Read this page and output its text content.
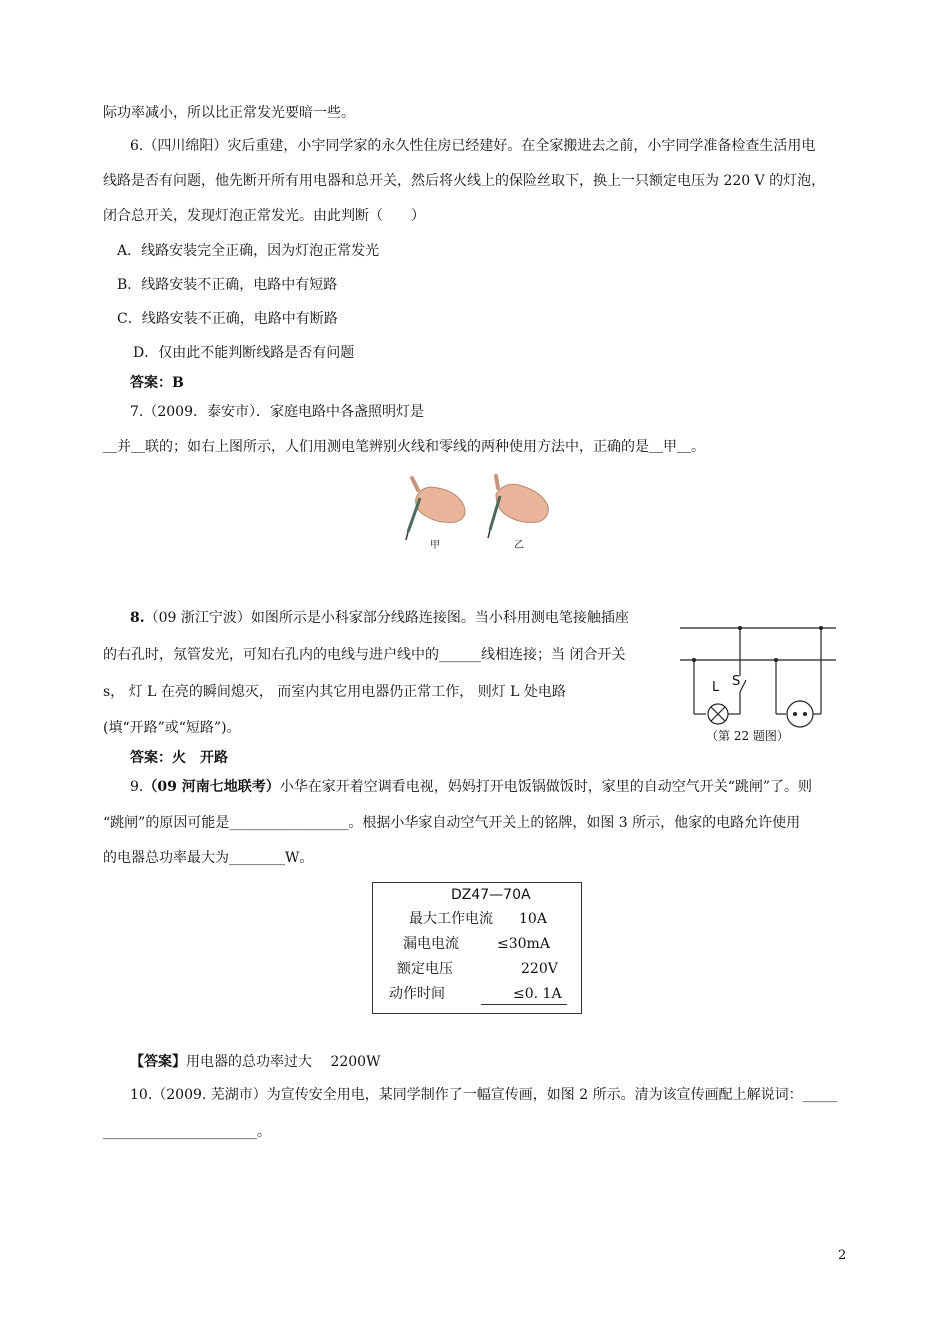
际功率减小，所以比正常发光要暗一些。
6.（四川绵阳）灾后重建，小宇同学家的永久性住房已经建好。在全家搬进去之前，小宇同学准备检查生活用电
线路是否有问题，他先断开所有用电器和总开关，然后将火线上的保险丝取下，换上一只额定电压为 220 V 的灯泡，
闭合总开关，发现灯泡正常发光。由此判断（　　）
A．线路安装完全正确，因为灯泡正常发光
B．线路安装不正确，电路中有短路
C．线路安装不正确，电路中有断路
D．仅由此不能判断线路是否有问题
答案：B
7.（2009．泰安市）．家庭电路中各盏照明灯是
＿并＿联的；如右上图所示，人们用测电笔辨别火线和零线的两种使用方法中，正确的是＿甲＿。
甲	乙
8.（09 浙江宁波）如图所示是小科家部分线路连接图。当小科用测电笔接触插座
的右孔时，氖管发光，可知右孔内的电线与进户线中的______线相连接；当 闭合开关
s， 灯 L 在亮的瞬间熄灭， 而室内其它用电器仍正常工作， 则灯 L 处电路
(填“开路”或“短路”)。
答案：火　开路
L S
（第 22 题图）
9.（09 河南七地联考）小华在家开着空调看电视，妈妈打开电饭锅做饭时，家里的自动空气开关“跳闸”了。则
“跳闸”的原因可能是_________________。根据小华家自动空气开关上的铭牌，如图 3 所示，他家的电路允许使用
的电器总功率最大为________W。
DZ47—70A
最大工作电流 10A
漏电电流	≤30mA
额定电压	220V
动作时间	≤0. 1A
【答案】用电器的总功率过大　 2200W
10.（2009. 芜湖市）为宣传安全用电，某同学制作了一幅宣传画，如图 2 所示。清为该宣传画配上解说词：_____
______________________。
2
